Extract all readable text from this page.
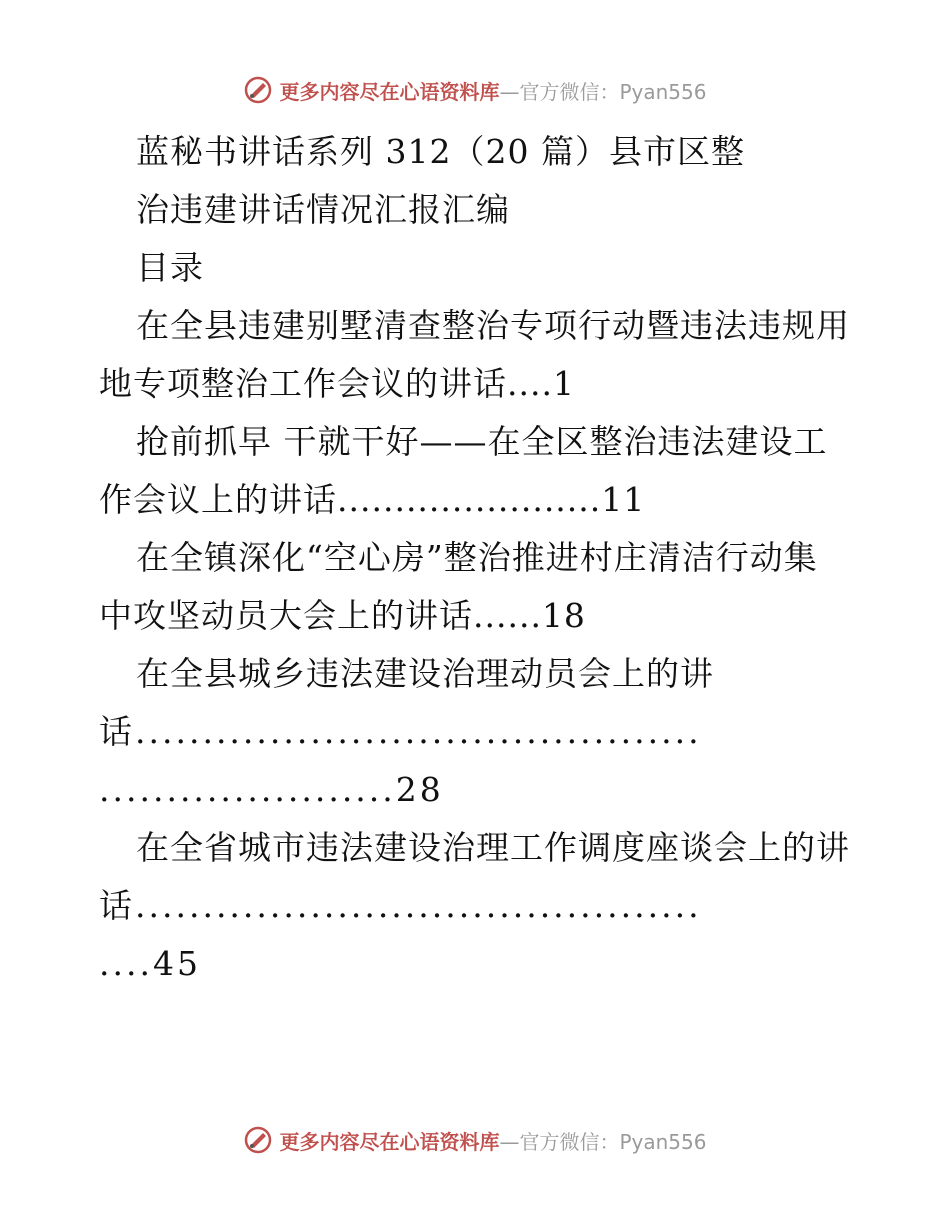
更多内容尽在心语资料库 —官方微信：Pyan556
蓝秘书讲话系列 312（20 篇）县市区整
治违建讲话情况汇报汇编
目录
在全县违建别墅清查整治专项行动暨违法违规用
地专项整治工作会议的讲话....1
抢前抓早 干就干好——在全区整治违法建设工
作会议上的讲话.......................11
在全镇深化“空心房”整治推进村庄清洁行动集
中攻坚动员大会上的讲话......18
在全县城乡违法建设治理动员会上的讲
话..........................................
......................28
在全省城市违法建设治理工作调度座谈会上的讲
话..........................................
....45
更多内容尽在心语资料库 —官方微信：Pyan556
